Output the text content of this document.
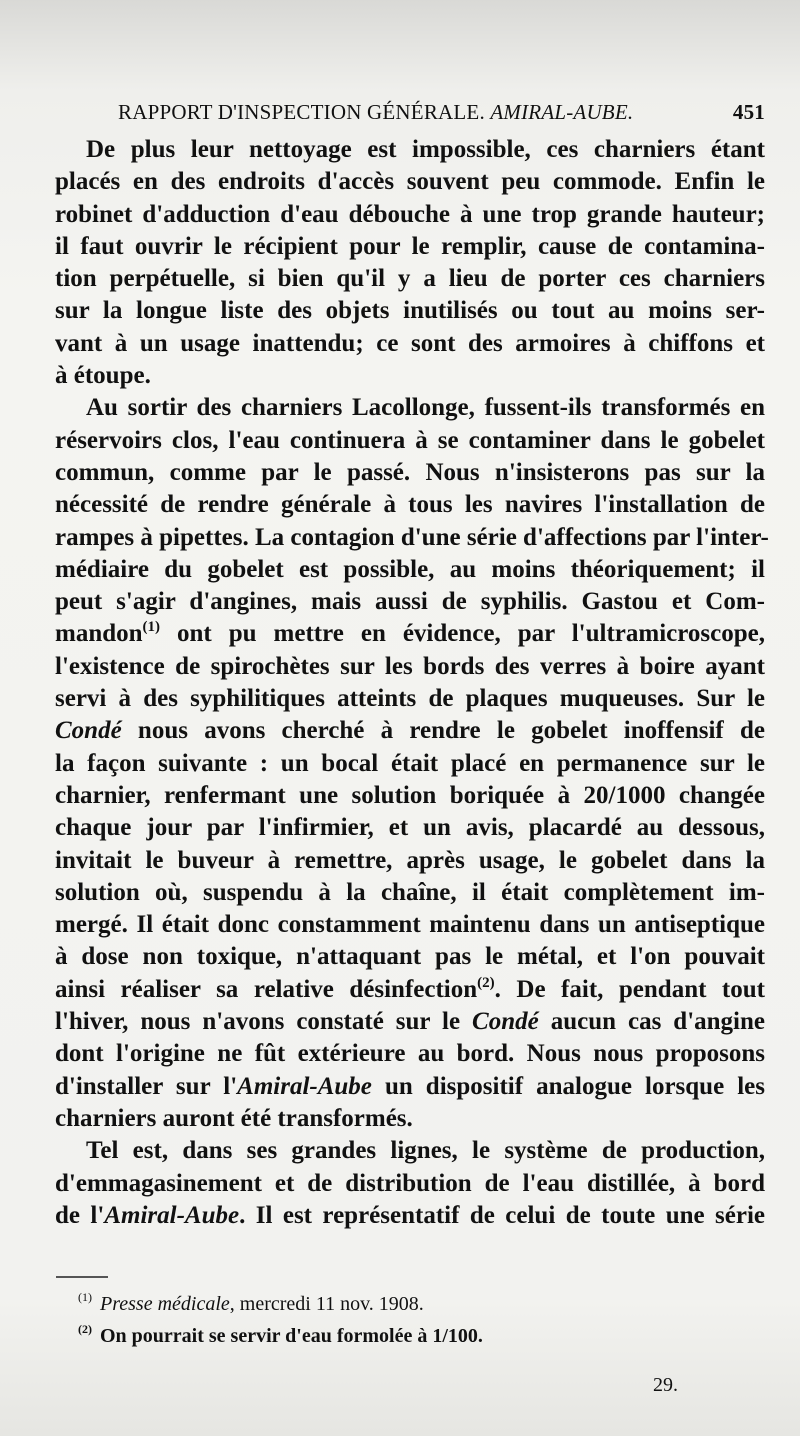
RAPPORT D'INSPECTION GÉNÉRALE. AMIRAL-AUBE.	451

De plus leur nettoyage est impossible, ces charniers étant
placés en des endroits d'accès souvent peu commode. Enfin le
robinet d'adduction d'eau débouche à une trop grande hauteur;
il faut ouvrir le récipient pour le remplir, cause de contamina-
tion perpétuelle, si bien qu'il y a lieu de porter ces charniers
sur la longue liste des objets inutilisés ou tout au moins ser-
vant à un usage inattendu; ce sont des armoires à chiffons et
à étoupe.

Au sortir des charniers Lacollonge, fussent-ils transformés en
réservoirs clos, l'eau continuera à se contaminer dans le gobelet
commun, comme par le passé. Nous n'insisterons pas sur la
nécessité de rendre générale à tous les navires l'installation de
rampes à pipettes. La contagion d'une série d'affections par l'inter-
médiaire du gobelet est possible, au moins théoriquement; il
peut s'agir d'angines, mais aussi de syphilis. Gastou et Com-
mandon$^{(1)}$ ont pu mettre en évidence, par l'ultramicroscope,
l'existence de spirochètes sur les bords des verres à boire ayant
servi à des syphilitiques atteints de plaques muqueuses. Sur le
Condé nous avons cherché à rendre le gobelet inoffensif de
la façon suivante : un bocal était placé en permanence sur le
charnier, renfermant une solution boriquée à 20/1000 changée
chaque jour par l'infirmier, et un avis, placardé au dessous,
invitait le buveur à remettre, après usage, le gobelet dans la
solution où, suspendu à la chaîne, il était complètement im-
mergé. Il était donc constamment maintenu dans un antiseptique
à dose non toxique, n'attaquant pas le métal, et l'on pouvait
ainsi réaliser sa relative désinfection$^{(2)}$. De fait, pendant tout
l'hiver, nous n'avons constaté sur le Condé aucun cas d'angine
dont l'origine ne fût extérieure au bord. Nous nous proposons
d'installer sur l'Amiral-Aube un dispositif analogue lorsque les
charniers auront été transformés.

Tel est, dans ses grandes lignes, le système de production,
d'emmagasinement et de distribution de l'eau distillée, à bord
de l'Amiral-Aube. Il est représentatif de celui de toute une série

$^{(1)}$ Presse médicale, mercredi 11 nov. 1908.
$^{(2)}$ On pourrait se servir d'eau formolée à 1/100.
29.
